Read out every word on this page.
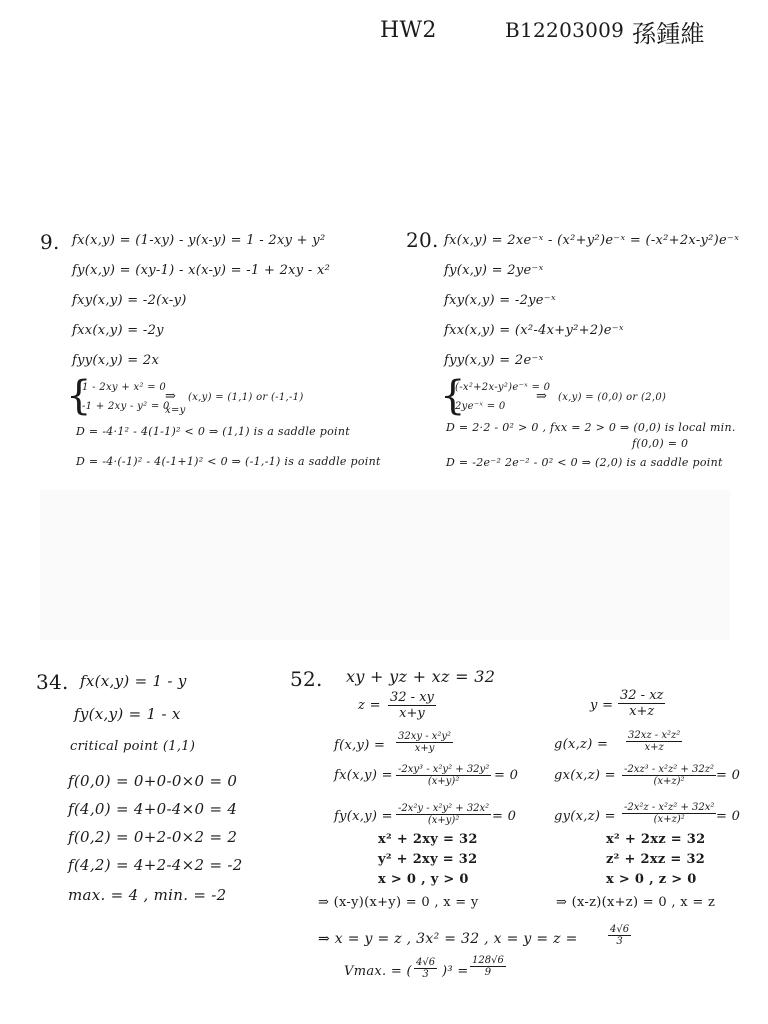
HW2	B12203009 孫鍾維
9. fx(x,y) = (1-xy) - y(x-y) = 1 - 2xy + y²
fy(x,y) = (xy-1) - x(x-y) = -1 + 2xy - x²
fxy(x,y) = -2(x-y)
fxx(x,y) = -2y
fyy(x,y) = 2x
{
1 - 2xy + x² = 0
-1 + 2xy - y² = 0
⇒ (x,y) = (1,1) or (-1,-1)
x=y
D = -4·1² - 4(1-1)² < 0 ⇒ (1,1) is a saddle point
D = -4·(-1)² - 4(-1+1)² < 0 ⇒ (-1,-1) is a saddle point
20. fx(x,y) = 2xe⁻ˣ - (x²+y²)e⁻ˣ = (-x²+2x-y²)e⁻ˣ
fy(x,y) = 2ye⁻ˣ
fxy(x,y) = -2ye⁻ˣ
fxx(x,y) = (x²-4x+y²+2)e⁻ˣ
fyy(x,y) = 2e⁻ˣ
{
(-x²+2x-y²)e⁻ˣ = 0
2ye⁻ˣ = 0
⇒ (x,y) = (0,0) or (2,0)
D = 2·2 - 0² > 0 , fxx = 2 > 0 ⇒ (0,0) is local min.
f(0,0) = 0
D = -2e⁻² 2e⁻² - 0² < 0 ⇒ (2,0) is a saddle point
34. fx(x,y) = 1 - y
fy(x,y) = 1 - x
critical point (1,1)
f(0,0) = 0+0-0×0 = 0
f(4,0) = 4+0-4×0 = 4
f(0,2) = 0+2-0×2 = 2
f(4,2) = 4+2-4×2 = -2
max. = 4 , min. = -2
52. xy + yz + xz = 32
$z = \frac{32 - xy}{x+y}$
$f(x,y) = \frac{\text{32xy - x²y²}}{x+y}$
$fx(x,y) = \frac{\text{-2xy³ - x²y² + 32y²}}{\text{(x+y)²}} = 0$
$fy(x,y) = \frac{\text{-2x²y - x²y² + 32x²}}{\text{(x+y)²}} = 0$
x² + 2xy = 32
y² + 2xy = 32
x > 0 , y > 0
⇒ (x-y)(x+y) = 0 , x = y
$y = \frac{32 - xz}{x+z}$
$g(x,z) = \frac{\text{32xz - x²z²}}{x+z}$
$gx(x,z) = \frac{\text{-2xz³ - x²z² + 32z²}}{\text{(x+z)²}} = 0$
$gy(x,z) = \frac{\text{-2x²z - x²z² + 32x²}}{\text{(x+z)²}} = 0$
x² + 2xz = 32
z² + 2xz = 32
x > 0 , z > 0
⇒ (x-z)(x+z) = 0 , x = z
⇒ x = y = z , 3x² = 32 , x = y = z =	$\frac{4√6}{3}$
Vmax. = ( $\frac{4√6}{3} )^3 = \frac{128√6}{9}$
